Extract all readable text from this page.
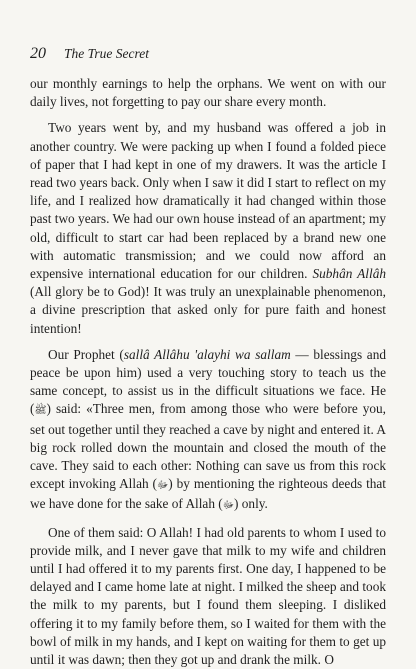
20 The True Secret

our monthly earnings to help the orphans. We went on with our daily lives, not forgetting to pay our share every month.

Two years went by, and my husband was offered a job in another country. We were packing up when I found a folded piece of paper that I had kept in one of my drawers. It was the article I read two years back. Only when I saw it did I start to reflect on my life, and I realized how dramatically it had changed within those past two years. We had our own house instead of an apartment; my old, difficult to start car had been replaced by a brand new one with automatic transmission; and we could now afford an expensive international education for our children. Subhân Allâh (All glory be to God)! It was truly an unexplainable phenomenon, a divine prescription that asked only for pure faith and honest intention!

Our Prophet (sallâ Allâhu 'alayhi wa sallam — blessings and peace be upon him) used a very touching story to teach us the same concept, to assist us in the difficult situations we face. He (ﷺ) said: «Three men, from among those who were before you, set out together until they reached a cave by night and entered it. A big rock rolled down the mountain and closed the mouth of the cave. They said to each other: Nothing can save us from this rock except invoking Allah (ﷻ) by mentioning the righteous deeds that we have done for the sake of Allah (ﷻ) only.

One of them said: O Allah! I had old parents to whom I used to provide milk, and I never gave that milk to my wife and children until I had offered it to my parents first. One day, I happened to be delayed and I came home late at night. I milked the sheep and took the milk to my parents, but I found them sleeping. I disliked offering it to my family before them, so I waited for them with the bowl of milk in my hands, and I kept on waiting for them to get up until it was dawn; then they got up and drank the milk. O
